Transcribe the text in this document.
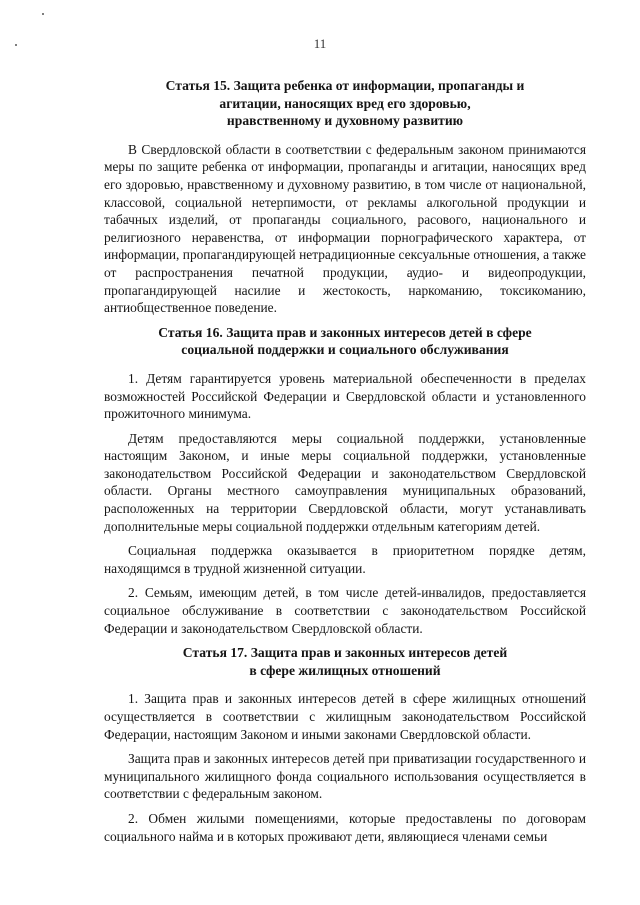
11
Статья 15. Защита ребенка от информации, пропаганды и
агитации, наносящих вред его здоровью,
нравственному и духовному развитию

В Свердловской области в соответствии с федеральным законом принимаются меры по защите ребенка от информации, пропаганды и агитации, наносящих вред его здоровью, нравственному и духовному развитию, в том числе от национальной, классовой, социальной нетерпимости, от рекламы алкогольной продукции и табачных изделий, от пропаганды социального, расового, национального и религиозного неравенства, от информации порнографического характера, от информации, пропагандирующей нетрадиционные сексуальные отношения, а также от распространения печатной продукции, аудио- и видеопродукции, пропагандирующей насилие и жестокость, наркоманию, токсикоманию, антиобщественное поведение.

Статья 16. Защита прав и законных интересов детей в сфере
социальной поддержки и социального обслуживания

1. Детям гарантируется уровень материальной обеспеченности в пределах возможностей Российской Федерации и Свердловской области и установленного прожиточного минимума.

Детям предоставляются меры социальной поддержки, установленные настоящим Законом, и иные меры социальной поддержки, установленные законодательством Российской Федерации и законодательством Свердловской области. Органы местного самоуправления муниципальных образований, расположенных на территории Свердловской области, могут устанавливать дополнительные меры социальной поддержки отдельным категориям детей.

Социальная поддержка оказывается в приоритетном порядке детям, находящимся в трудной жизненной ситуации.

2. Семьям, имеющим детей, в том числе детей-инвалидов, предоставляется социальное обслуживание в соответствии с законодательством Российской Федерации и законодательством Свердловской области.

Статья 17. Защита прав и законных интересов детей
в сфере жилищных отношений

1. Защита прав и законных интересов детей в сфере жилищных отношений осуществляется в соответствии с жилищным законодательством Российской Федерации, настоящим Законом и иными законами Свердловской области.

Защита прав и законных интересов детей при приватизации государственного и муниципального жилищного фонда социального использования осуществляется в соответствии с федеральным законом.

2. Обмен жилыми помещениями, которые предоставлены по договорам социального найма и в которых проживают дети, являющиеся членами семьи
